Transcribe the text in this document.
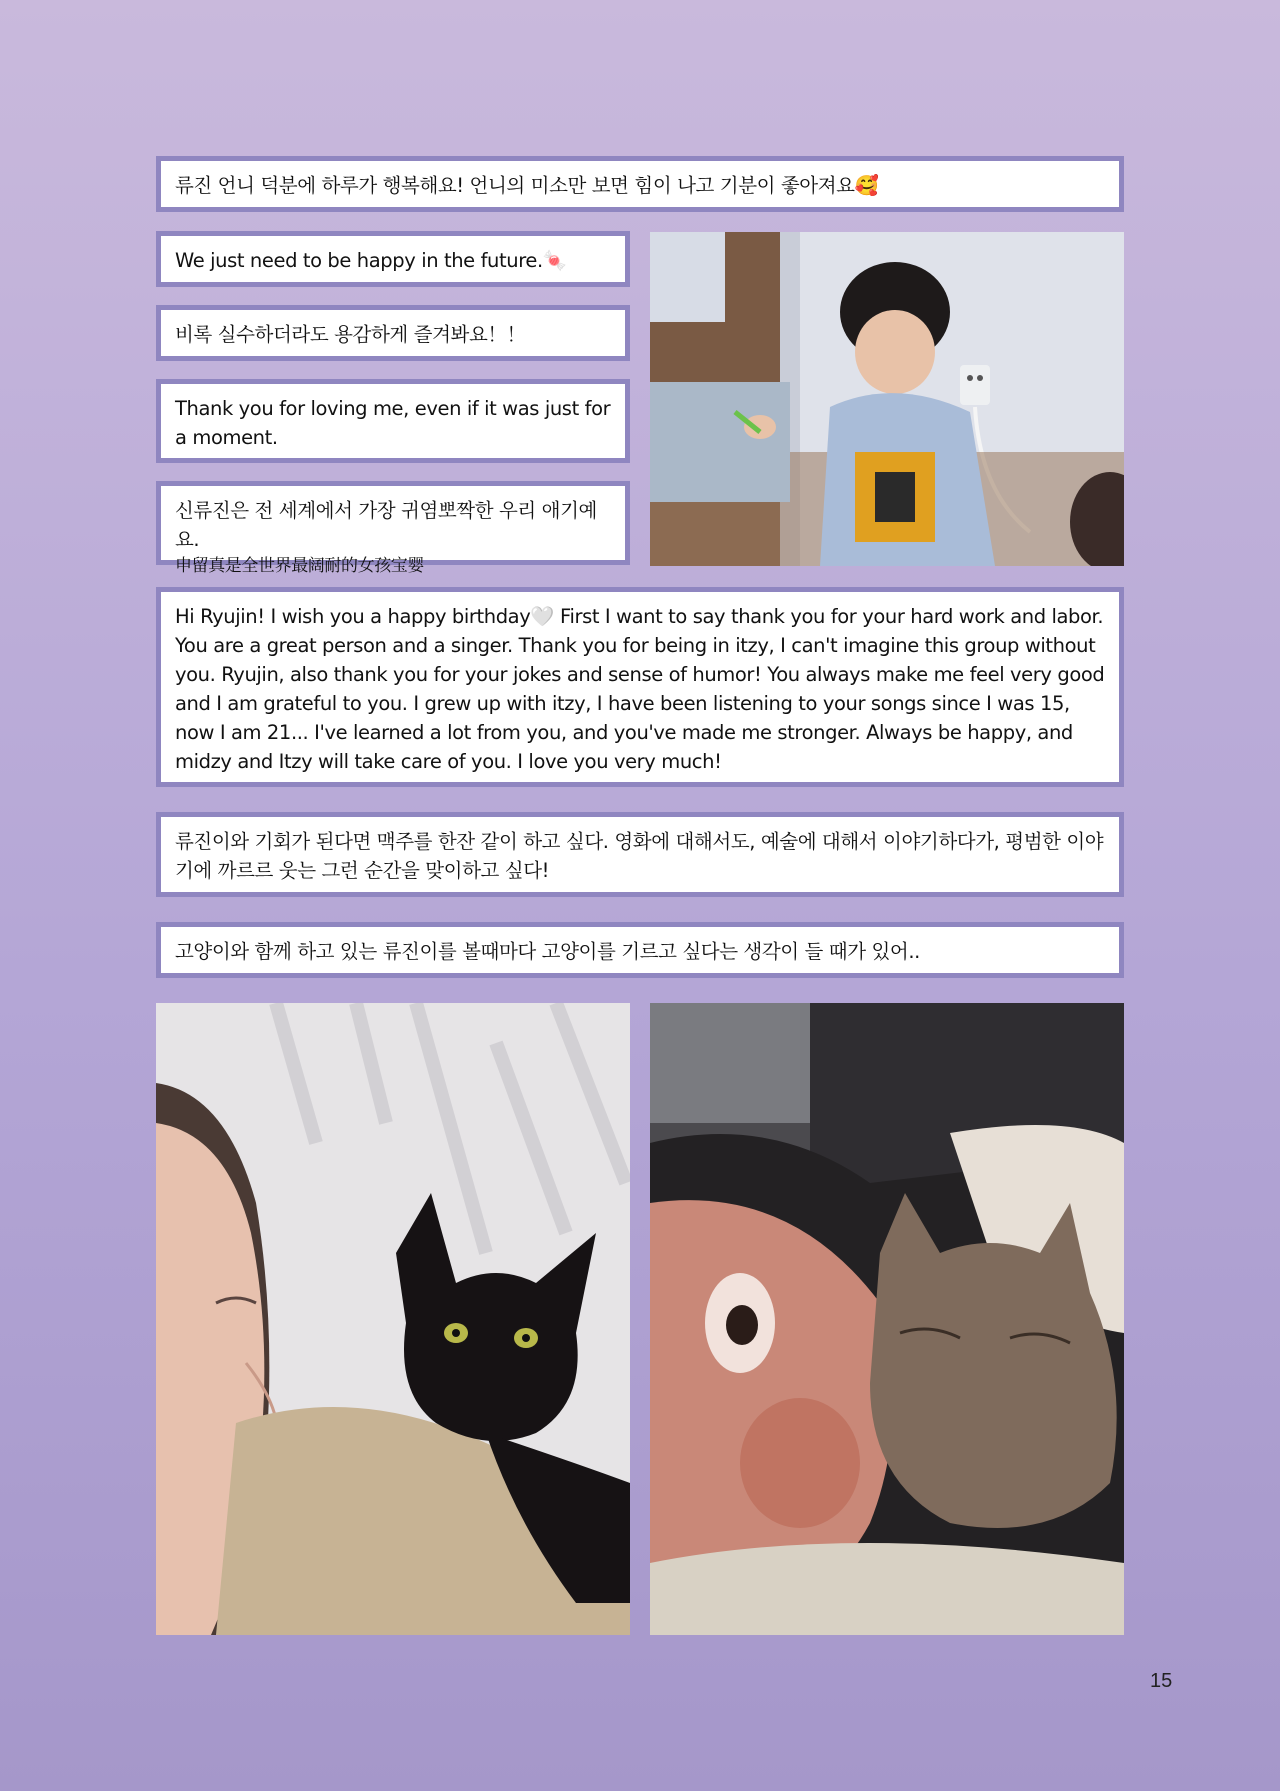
류진 언니 덕분에 하루가 행복해요! 언니의 미소만 보면 힘이 나고 기분이 좋아져요🥰
We just need to be happy in the future.🍬
비록 실수하더라도 용감하게 즐겨봐요！！
Thank you for loving me, even if it was just for a moment.
신류진은 전 세계에서 가장 귀염뽀짝한 우리 애기예요.
申留真是全世界最阔耐的女孩宝婴
Hi Ryujin! I wish you a happy birthday🤍 First I want to say thank you for your hard work and labor. You are a great person and a singer. Thank you for being in itzy, I can't imagine this group without you. Ryujin, also thank you for your jokes and sense of humor! You always make me feel very good and I am grateful to you. I grew up with itzy, I have been listening to your songs since I was 15, now I am 21... I've learned a lot from you, and you've made me stronger. Always be happy, and midzy and Itzy will take care of you. I love you very much!
류진이와 기회가 된다면 맥주를 한잔 같이 하고 싶다. 영화에 대해서도, 예술에 대해서 이야기하다가, 평범한 이야기에 까르르 웃는 그런 순간을 맞이하고 싶다!
고양이와 함께 하고 있는 류진이를 볼때마다 고양이를 기르고 싶다는 생각이 들 때가 있어..
15
